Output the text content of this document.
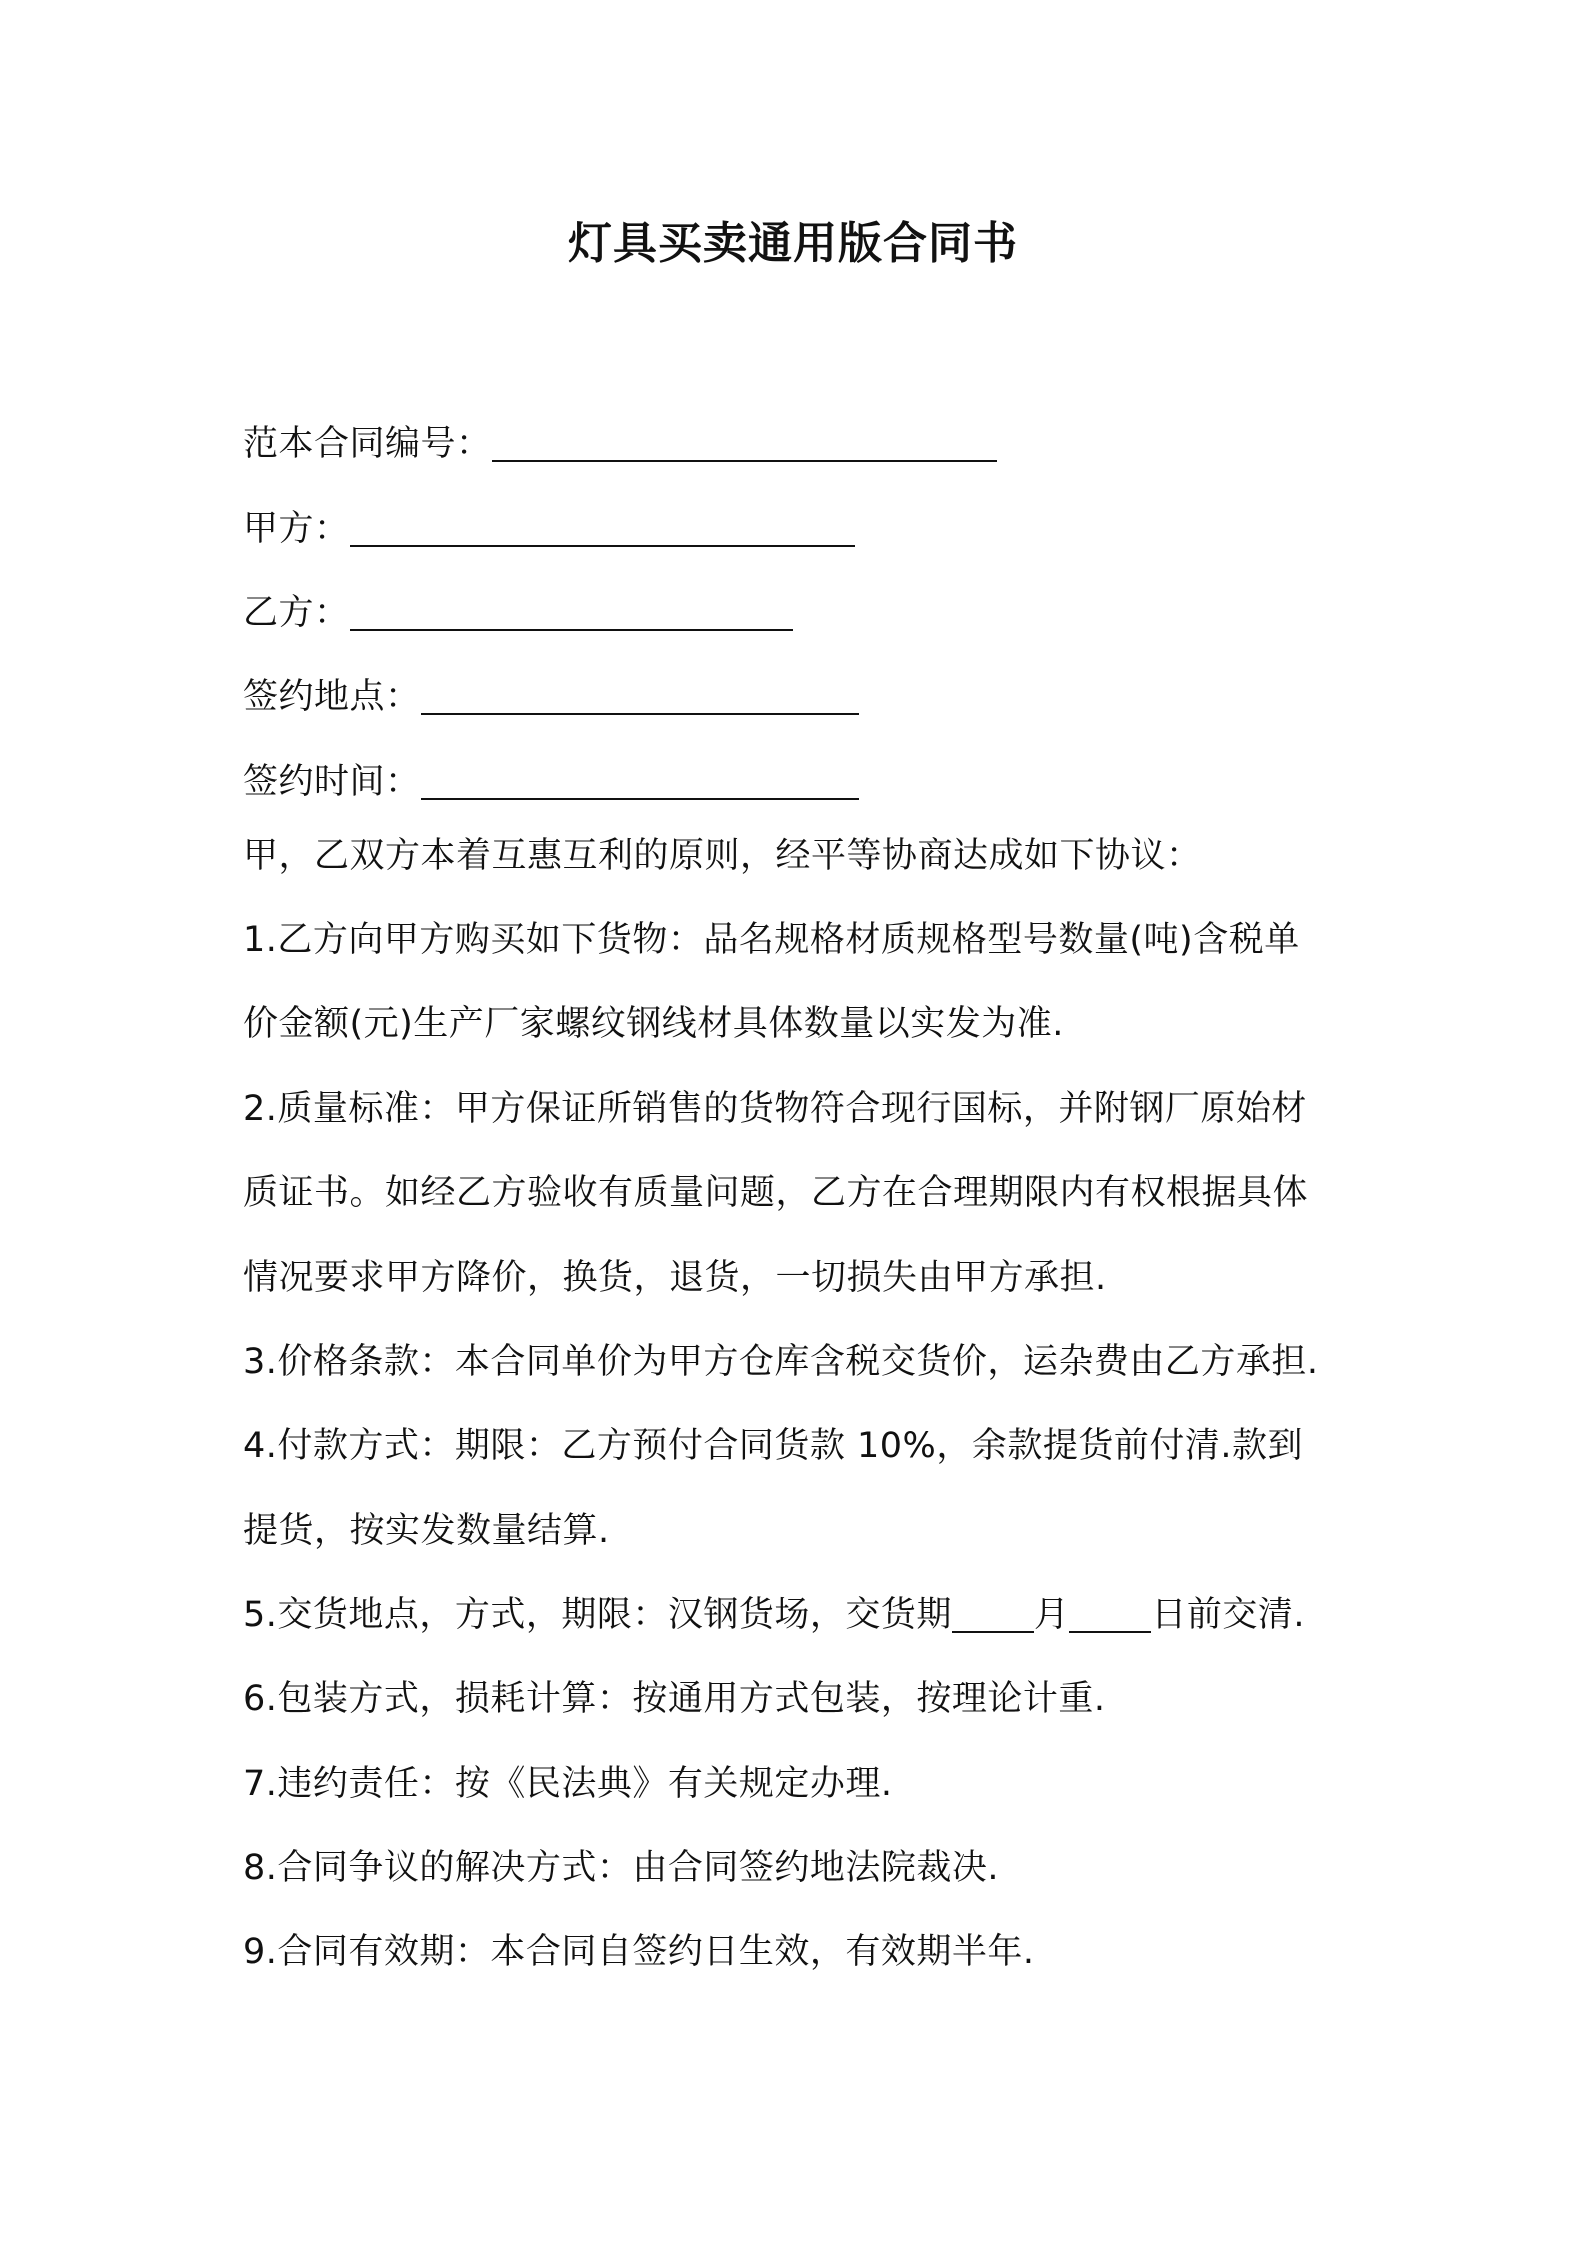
灯具买卖通用版合同书
范本合同编号：
甲方：
乙方：
签约地点：
签约时间：
甲，乙双方本着互惠互利的原则，经平等协商达成如下协议：
1.乙方向甲方购买如下货物：品名规格材质规格型号数量(吨)含税单
价金额(元)生产厂家螺纹钢线材具体数量以实发为准.
2.质量标准：甲方保证所销售的货物符合现行国标，并附钢厂原始材
质证书。如经乙方验收有质量问题，乙方在合理期限内有权根据具体
情况要求甲方降价，换货，退货，一切损失由甲方承担.
3.价格条款：本合同单价为甲方仓库含税交货价，运杂费由乙方承担.
4.付款方式：期限：乙方预付合同货款 10%，余款提货前付清.款到
提货，按实发数量结算.
5.交货地点，方式，期限：汉钢货场，交货期 月 日前交清.
6.包装方式，损耗计算：按通用方式包装，按理论计重.
7.违约责任：按《民法典》有关规定办理.
8.合同争议的解决方式：由合同签约地法院裁决.
9.合同有效期：本合同自签约日生效，有效期半年.
